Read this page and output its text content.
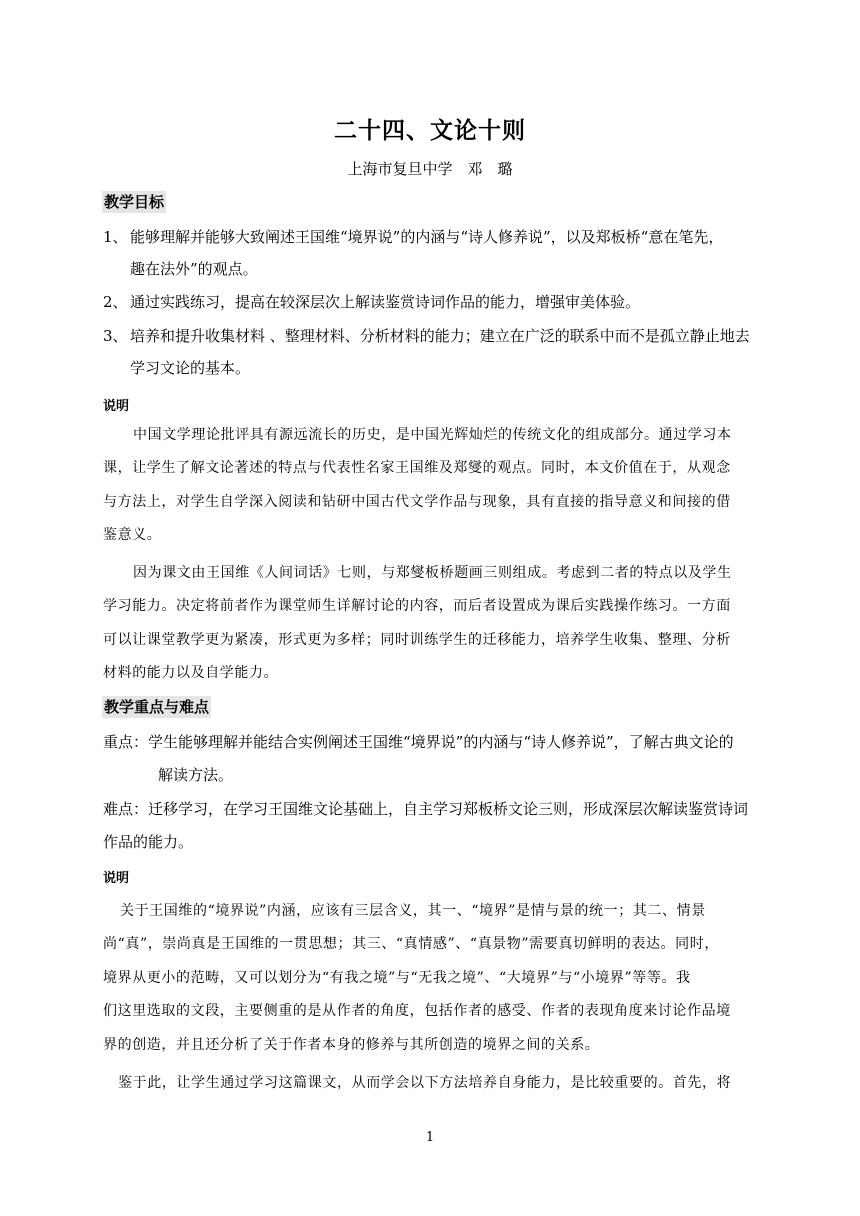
二十四、文论十则
上海市复旦中学　邓　璐
教学目标
1、 能够理解并能够大致阐述王国维“境界说”的内涵与“诗人修养说”，以及郑板桥“意在笔先，
趣在法外”的观点。
2、 通过实践练习，提高在较深层次上解读鉴赏诗词作品的能力，增强审美体验。
3、 培养和提升收集材料 、整理材料、分析材料的能力；建立在广泛的联系中而不是孤立静止地去
学习文论的基本。
说明
中国文学理论批评具有源远流长的历史，是中国光辉灿烂的传统文化的组成部分。通过学习本
课，让学生了解文论著述的特点与代表性名家王国维及郑燮的观点。同时，本文价值在于，从观念
与方法上，对学生自学深入阅读和钻研中国古代文学作品与现象，具有直接的指导意义和间接的借
鉴意义。
因为课文由王国维《人间词话》七则，与郑燮板桥题画三则组成。考虑到二者的特点以及学生
学习能力。决定将前者作为课堂师生详解讨论的内容，而后者设置成为课后实践操作练习。一方面
可以让课堂教学更为紧凑，形式更为多样；同时训练学生的迁移能力，培养学生收集、整理、分析
材料的能力以及自学能力。
教学重点与难点
重点：学生能够理解并能结合实例阐述王国维“境界说”的内涵与“诗人修养说”，了解古典文论的
解读方法。
难点：迁移学习，在学习王国维文论基础上，自主学习郑板桥文论三则，形成深层次解读鉴赏诗词
作品的能力。
说明
关于王国维的“境界说”内涵，应该有三层含义，其一、“境界”是情与景的统一；其二、情景
尚“真”，崇尚真是王国维的一贯思想；其三、“真情感”、“真景物”需要真切鲜明的表达。同时，
境界从更小的范畴，又可以划分为“有我之境”与“无我之境”、“大境界”与“小境界”等等。我
们这里选取的文段，主要侧重的是从作者的角度，包括作者的感受、作者的表现角度来讨论作品境
界的创造，并且还分析了关于作者本身的修养与其所创造的境界之间的关系。
鉴于此，让学生通过学习这篇课文，从而学会以下方法培养自身能力，是比较重要的。首先，将
1
